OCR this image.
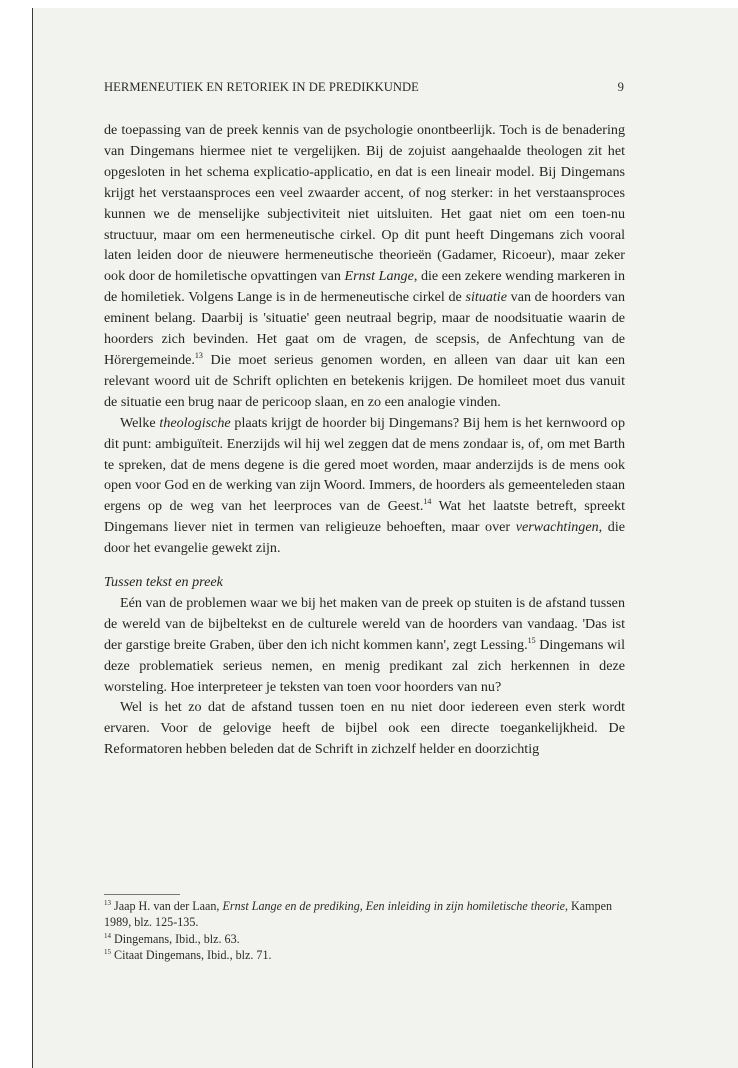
HERMENEUTIEK EN RETORIEK IN DE PREDIKKUNDE	9

de toepassing van de preek kennis van de psychologie onontbeerlijk. Toch is de benadering van Dingemans hiermee niet te vergelijken. Bij de zojuist aangehaalde theologen zit het opgesloten in het schema explicatio-applicatio, en dat is een lineair model. Bij Dingemans krijgt het verstaansproces een veel zwaarder accent, of nog sterker: in het verstaansproces kunnen we de menselijke subjectiviteit niet uitsluiten. Het gaat niet om een toen-nu structuur, maar om een hermeneutische cirkel. Op dit punt heeft Dingemans zich vooral laten leiden door de nieuwere hermeneutische theorieën (Gadamer, Ricoeur), maar zeker ook door de homiletische opvattingen van Ernst Lange, die een zekere wending markeren in de homiletiek. Volgens Lange is in de hermeneutische cirkel de situatie van de hoorders van eminent belang. Daarbij is 'situatie' geen neutraal begrip, maar de noodsituatie waarin de hoorders zich bevinden. Het gaat om de vragen, de scepsis, de Anfechtung van de Hörergemeinde.$^{13}$ Die moet serieus genomen worden, en alleen van daar uit kan een relevant woord uit de Schrift oplichten en betekenis krijgen. De homileet moet dus vanuit de situatie een brug naar de pericoop slaan, en zo een analogie vinden.

Welke theologische plaats krijgt de hoorder bij Dingemans? Bij hem is het kernwoord op dit punt: ambiguïteit. Enerzijds wil hij wel zeggen dat de mens zondaar is, of, om met Barth te spreken, dat de mens degene is die gered moet worden, maar anderzijds is de mens ook open voor God en de werking van zijn Woord. Immers, de hoorders als gemeenteleden staan ergens op de weg van het leerproces van de Geest.$^{14}$ Wat het laatste betreft, spreekt Dingemans liever niet in termen van religieuze behoeften, maar over verwachtingen, die door het evangelie gewekt zijn.

Tussen tekst en preek

Eén van de problemen waar we bij het maken van de preek op stuiten is de afstand tussen de wereld van de bijbeltekst en de culturele wereld van de hoorders van vandaag. 'Das ist der garstige breite Graben, über den ich nicht kommen kann', zegt Lessing.$^{15}$ Dingemans wil deze problematiek serieus nemen, en menig predikant zal zich herkennen in deze worsteling. Hoe interpreteer je teksten van toen voor hoorders van nu?

Wel is het zo dat de afstand tussen toen en nu niet door iedereen even sterk wordt ervaren. Voor de gelovige heeft de bijbel ook een directe toegankelijkheid. De Reformatoren hebben beleden dat de Schrift in zichzelf helder en doorzichtig

$^{13}$ Jaap H. van der Laan, Ernst Lange en de prediking, Een inleiding in zijn homiletische theorie, Kampen 1989, blz. 125-135.

$^{14}$ Dingemans, Ibid., blz. 63.

$^{15}$ Citaat Dingemans, Ibid., blz. 71.
